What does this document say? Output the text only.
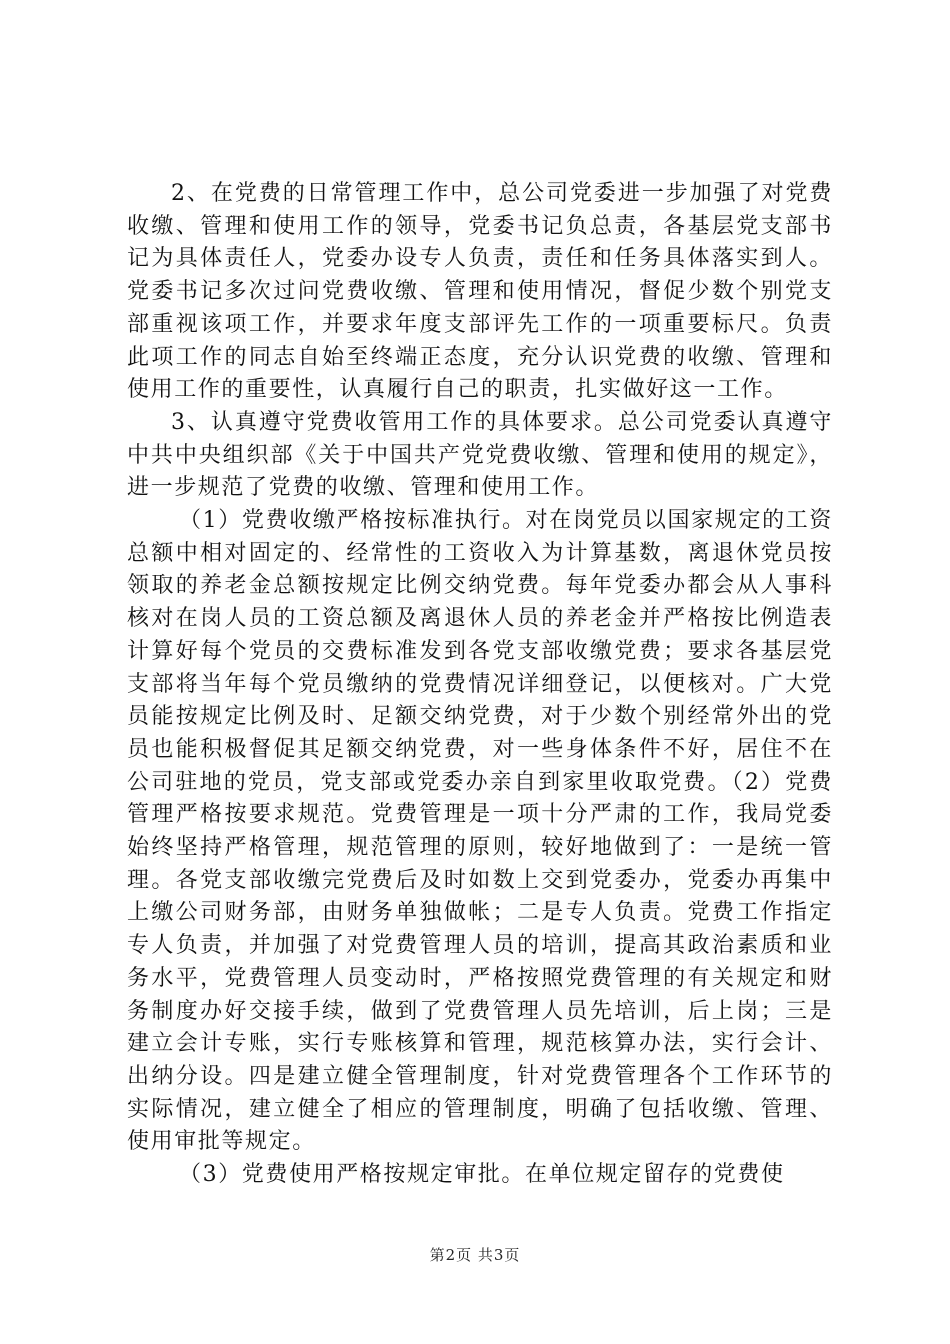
2、在党费的日常管理工作中，总公司党委进一步加强了对党费收缴、管理和使用工作的领导，党委书记负总责，各基层党支部书记为具体责任人，党委办设专人负责，责任和任务具体落实到人。党委书记多次过问党费收缴、管理和使用情况，督促少数个别党支部重视该项工作，并要求年度支部评先工作的一项重要标尺。负责此项工作的同志自始至终端正态度，充分认识党费的收缴、管理和使用工作的重要性，认真履行自己的职责，扎实做好这一工作。

3、认真遵守党费收管用工作的具体要求。总公司党委认真遵守中共中央组织部《关于中国共产党党费收缴、管理和使用的规定》，进一步规范了党费的收缴、管理和使用工作。

（1）党费收缴严格按标准执行。对在岗党员以国家规定的工资总额中相对固定的、经常性的工资收入为计算基数，离退休党员按领取的养老金总额按规定比例交纳党费。每年党委办都会从人事科核对在岗人员的工资总额及离退休人员的养老金并严格按比例造表计算好每个党员的交费标准发到各党支部收缴党费；要求各基层党支部将当年每个党员缴纳的党费情况详细登记，以便核对。广大党员能按规定比例及时、足额交纳党费，对于少数个别经常外出的党员也能积极督促其足额交纳党费，对一些身体条件不好，居住不在公司驻地的党员，党支部或党委办亲自到家里收取党费。（2）党费管理严格按要求规范。党费管理是一项十分严肃的工作，我局党委始终坚持严格管理，规范管理的原则，较好地做到了：一是统一管理。各党支部收缴完党费后及时如数上交到党委办，党委办再集中上缴公司财务部，由财务单独做帐；二是专人负责。党费工作指定专人负责，并加强了对党费管理人员的培训，提高其政治素质和业务水平，党费管理人员变动时，严格按照党费管理的有关规定和财务制度办好交接手续，做到了党费管理人员先培训，后上岗；三是建立会计专账，实行专账核算和管理，规范核算办法，实行会计、出纳分设。四是建立健全管理制度，针对党费管理各个工作环节的实际情况，建立健全了相应的管理制度，明确了包括收缴、管理、使用审批等规定。

（3）党费使用严格按规定审批。在单位规定留存的党费使

第2页 共3页
